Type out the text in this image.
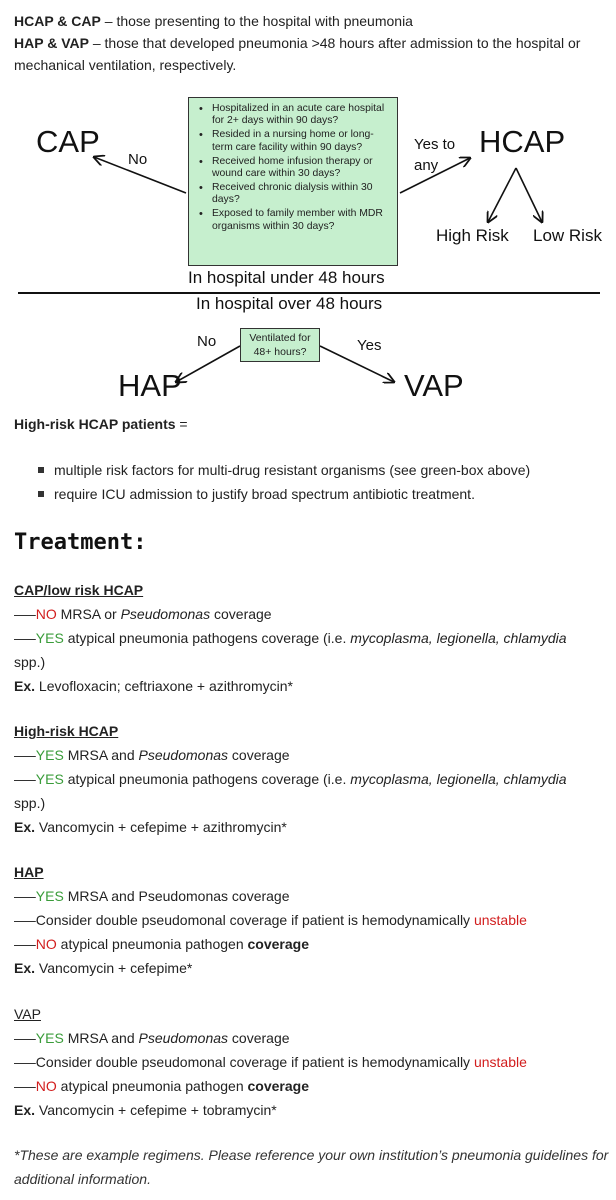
HCAP & CAP – those presenting to the hospital with pneumonia
HAP & VAP – those that developed pneumonia >48 hours after admission to the hospital or mechanical ventilation, respectively.
CAP
No
Yes to
any
HCAP
High Risk Low Risk
• Hospitalized in an acute care hospital for 2+ days within 90 days?
• Resided in a nursing home or long-term care facility within 90 days?
• Received home infusion therapy or wound care within 30 days?
• Received chronic dialysis within 30 days?
• Exposed to family member with MDR organisms within 30 days?
In hospital under 48 hours
In hospital over 48 hours
Ventilated for 48+ hours?
No	Yes
HAP	VAP
High-risk HCAP patients =
multiple risk factors for multi-drug resistant organisms (see green-box above)
require ICU admission to justify broad spectrum antibiotic treatment.
Treatment:
CAP/low risk HCAP
—–NO MRSA or Pseudomonas coverage
—–YES atypical pneumonia pathogens coverage (i.e. mycoplasma, legionella, chlamydia
spp.)
Ex. Levofloxacin; ceftriaxone + azithromycin*
High-risk HCAP
—–YES MRSA and Pseudomonas coverage
—–YES atypical pneumonia pathogens coverage (i.e. mycoplasma, legionella, chlamydia
spp.)
Ex. Vancomycin + cefepime + azithromycin*
HAP
—–YES MRSA and Pseudomonas coverage
—–Consider double pseudomonal coverage if patient is hemodynamically unstable
—–NO atypical pneumonia pathogen coverage
Ex. Vancomycin + cefepime*
VAP
—–YES MRSA and Pseudomonas coverage
—–Consider double pseudomonal coverage if patient is hemodynamically unstable
—–NO atypical pneumonia pathogen coverage
Ex. Vancomycin + cefepime + tobramycin*
*These are example regimens. Please reference your own institution’s pneumonia guidelines for additional information.
